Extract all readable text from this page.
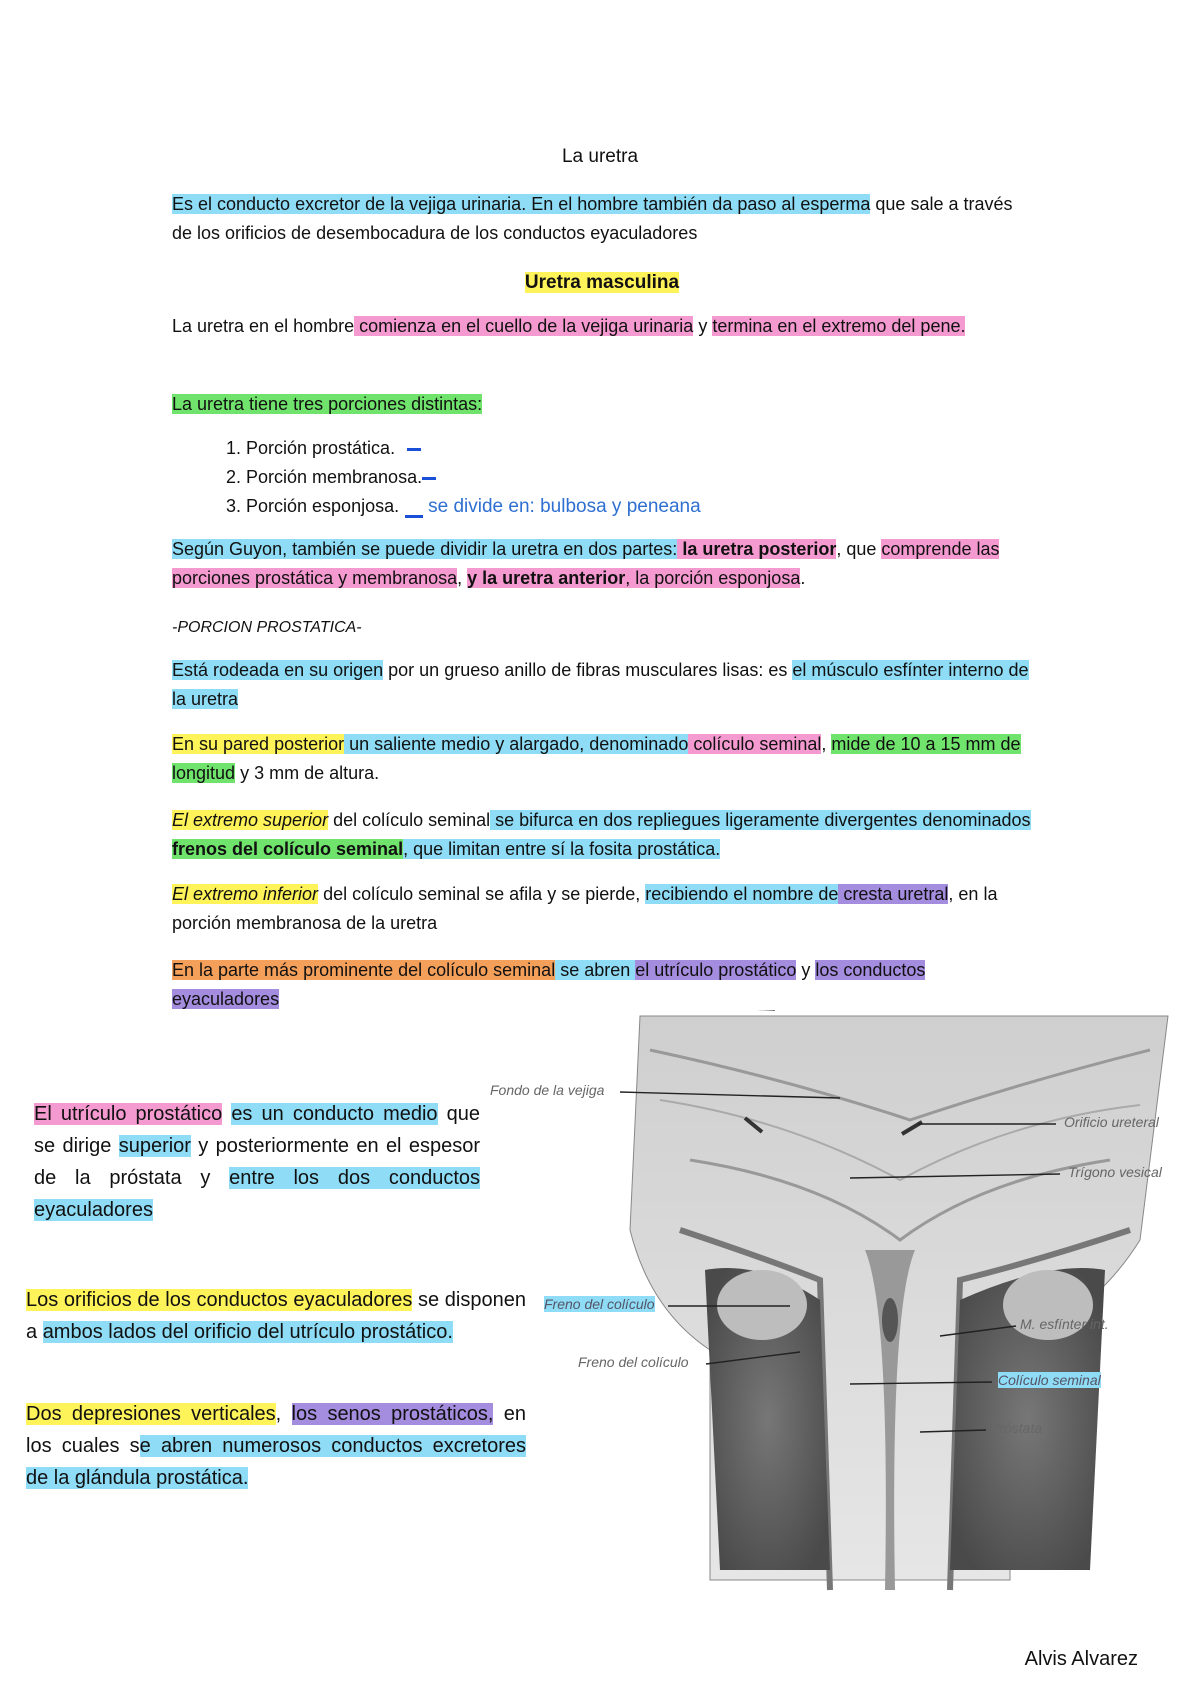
La uretra

Es el conducto excretor de la vejiga urinaria. En el hombre también da paso al esperma que sale a través de los orificios de desembocadura de los conductos eyaculadores

Uretra masculina

La uretra en el hombre comienza en el cuello de la vejiga urinaria y termina en el extremo del pene.

La uretra tiene tres porciones distintas:

1. Porción prostática.
2. Porción membranosa.
3. Porción esponjosa. se divide en: bulbosa y peneana

Según Guyon, también se puede dividir la uretra en dos partes: la uretra posterior, que comprende las porciones prostática y membranosa, y la uretra anterior, la porción esponjosa.

-PORCION PROSTATICA-

Está rodeada en su origen por un grueso anillo de fibras musculares lisas: es el músculo esfínter interno de la uretra

En su pared posterior un saliente medio y alargado, denominado colículo seminal, mide de 10 a 15 mm de longitud y 3 mm de altura.

El extremo superior del colículo seminal se bifurca en dos repliegues ligeramente divergentes denominados frenos del colículo seminal, que limitan entre sí la fosita prostática.

El extremo inferior del colículo seminal se afila y se pierde, recibiendo el nombre de cresta uretral, en la porción membranosa de la uretra

En la parte más prominente del colículo seminal se abren el utrículo prostático y los conductos eyaculadores

El utrículo prostático es un conducto medio que se dirige superior y posteriormente en el espesor de la próstata y entre los dos conductos eyaculadores
Los orificios de los conductos eyaculadores se disponen a ambos lados del orificio del utrículo prostático.
Dos depresiones verticales, los senos prostáticos, en los cuales se abren numerosos conductos excretores de la glándula prostática.
Fondo de la vejiga
Orificio ureteral
Trígono vesical
Freno del colículo
Freno del colículo
M. esfínter int.
Colículo seminal
Próstata
Alvis Alvarez
